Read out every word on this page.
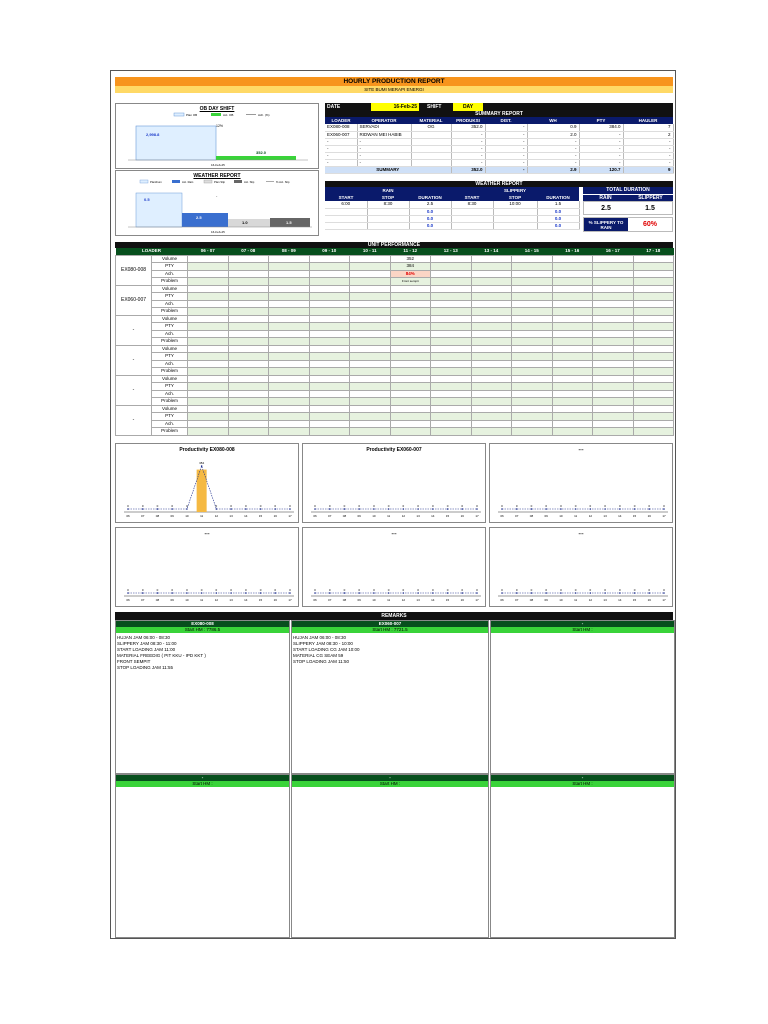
HOURLY PRODUCTION REPORT
SITE BUMI MERAPI ENERGI
OB DAY SHIFT
Plan OB	Act. OB	Ach. (%)
2,998.8
352.0
12%
16-Feb-25
WEATHER REPORT
Planthum	Act. Rain	Plan Slip	Act. Slip	% Act. Slip
0.5
2.5
1.0	1.5
-
16-Feb-25
DATE	16-Feb-25	SHIFT	DAY
SUMMARY REPORT
LOADER	OPERATOR	MATERIAL	PRODUKSI	DIST.	WH	PTY	HAULER
EX080-008	SERVADI	OG	352.0	-	0.9	384.0	7
EX060-007	RIDWAN MEI HABIB		-	-	2.0	-	2
-	-		-	-	-	-	-
-	-		-	-	-	-	-
-	-		-	-	-	-	-
-	-		-	-	-	-	-
SUMMARY			352.0	-	2.9	120.7	9
WEATHER REPORT
RAIN			SLIPPERY		
START	STOP	DURATION	START	STOP	DURATION
6:00	8:30	2.5	8:30	10:00	1.5
		0.0			0.0
		0.0			0.0
		0.0			0.0
TOTAL DURATION
RAIN	SLIPPERY
2.5	1.5
% SLIPPERY TO RAIN	60%
UNIT PERFORMANCE
LOADER		06 - 07	07 - 08	08 - 09	09 - 10	10 - 11	11 - 12	12 - 13	13 - 14	14 - 15	15 - 16	16 - 17	17 - 18
EX080-008	Volume						352						
	PTY						384						
	Ach.						84%						
	Problem						Front sempit						
EX060-007	Volume												
	PTY												
	Ach.												
	Problem												
-	Volume												
	PTY												
	Ach.												
	Problem												
-	Volume												
	PTY												
	Ach.												
	Problem												
-	Volume												
	PTY												
	Ach.												
	Problem												
-	Volume												
	PTY												
	Ach.												
	Problem												
Productivity EX080-008
0
06
0
07
0
08
0
09
0
10
384
11
0
12
0
13
0
14
0
15
0
16
0
17
Productivity EX060-007
0
06
0
07
0
08
0
09
0
10
0
11
0
12
0
13
0
14
0
15
0
16
0
17
---
0
06
0
07
0
08
0
09
0
10
0
11
0
12
0
13
0
14
0
15
0
16
0
17
---
0
06
0
07
0
08
0
09
0
10
0
11
0
12
0
13
0
14
0
15
0
16
0
17
---
0
06
0
07
0
08
0
09
0
10
0
11
0
12
0
13
0
14
0
15
0
16
0
17
---
0
06
0
07
0
08
0
09
0
10
0
11
0
12
0
13
0
14
0
15
0
16
0
17
REMARKS
EX080-008
Start HM : 7786.5
HUJAN JAM 06:00 - 08:30
SLIPPERY JAM 08:30 - 11:00
START LOADING JAM 11:00
MATERIAL FREEDIG ( PIT KKU - IPD KKT )
FRONT SEMPIT
STOP LOADING JAM 11:55
EX060-007
Start HM : 7721.5
HUJAN JAM 06:00 - 08:30
SLIPPERY JAM 08:30 - 10:00
START LOADING CG JAM 10:00
MATERIAL CG SEAM 59
STOP LOADING JAM 11:50
-
Start HM :
-
Start HM :
-
Start HM :
-
Start HM :
